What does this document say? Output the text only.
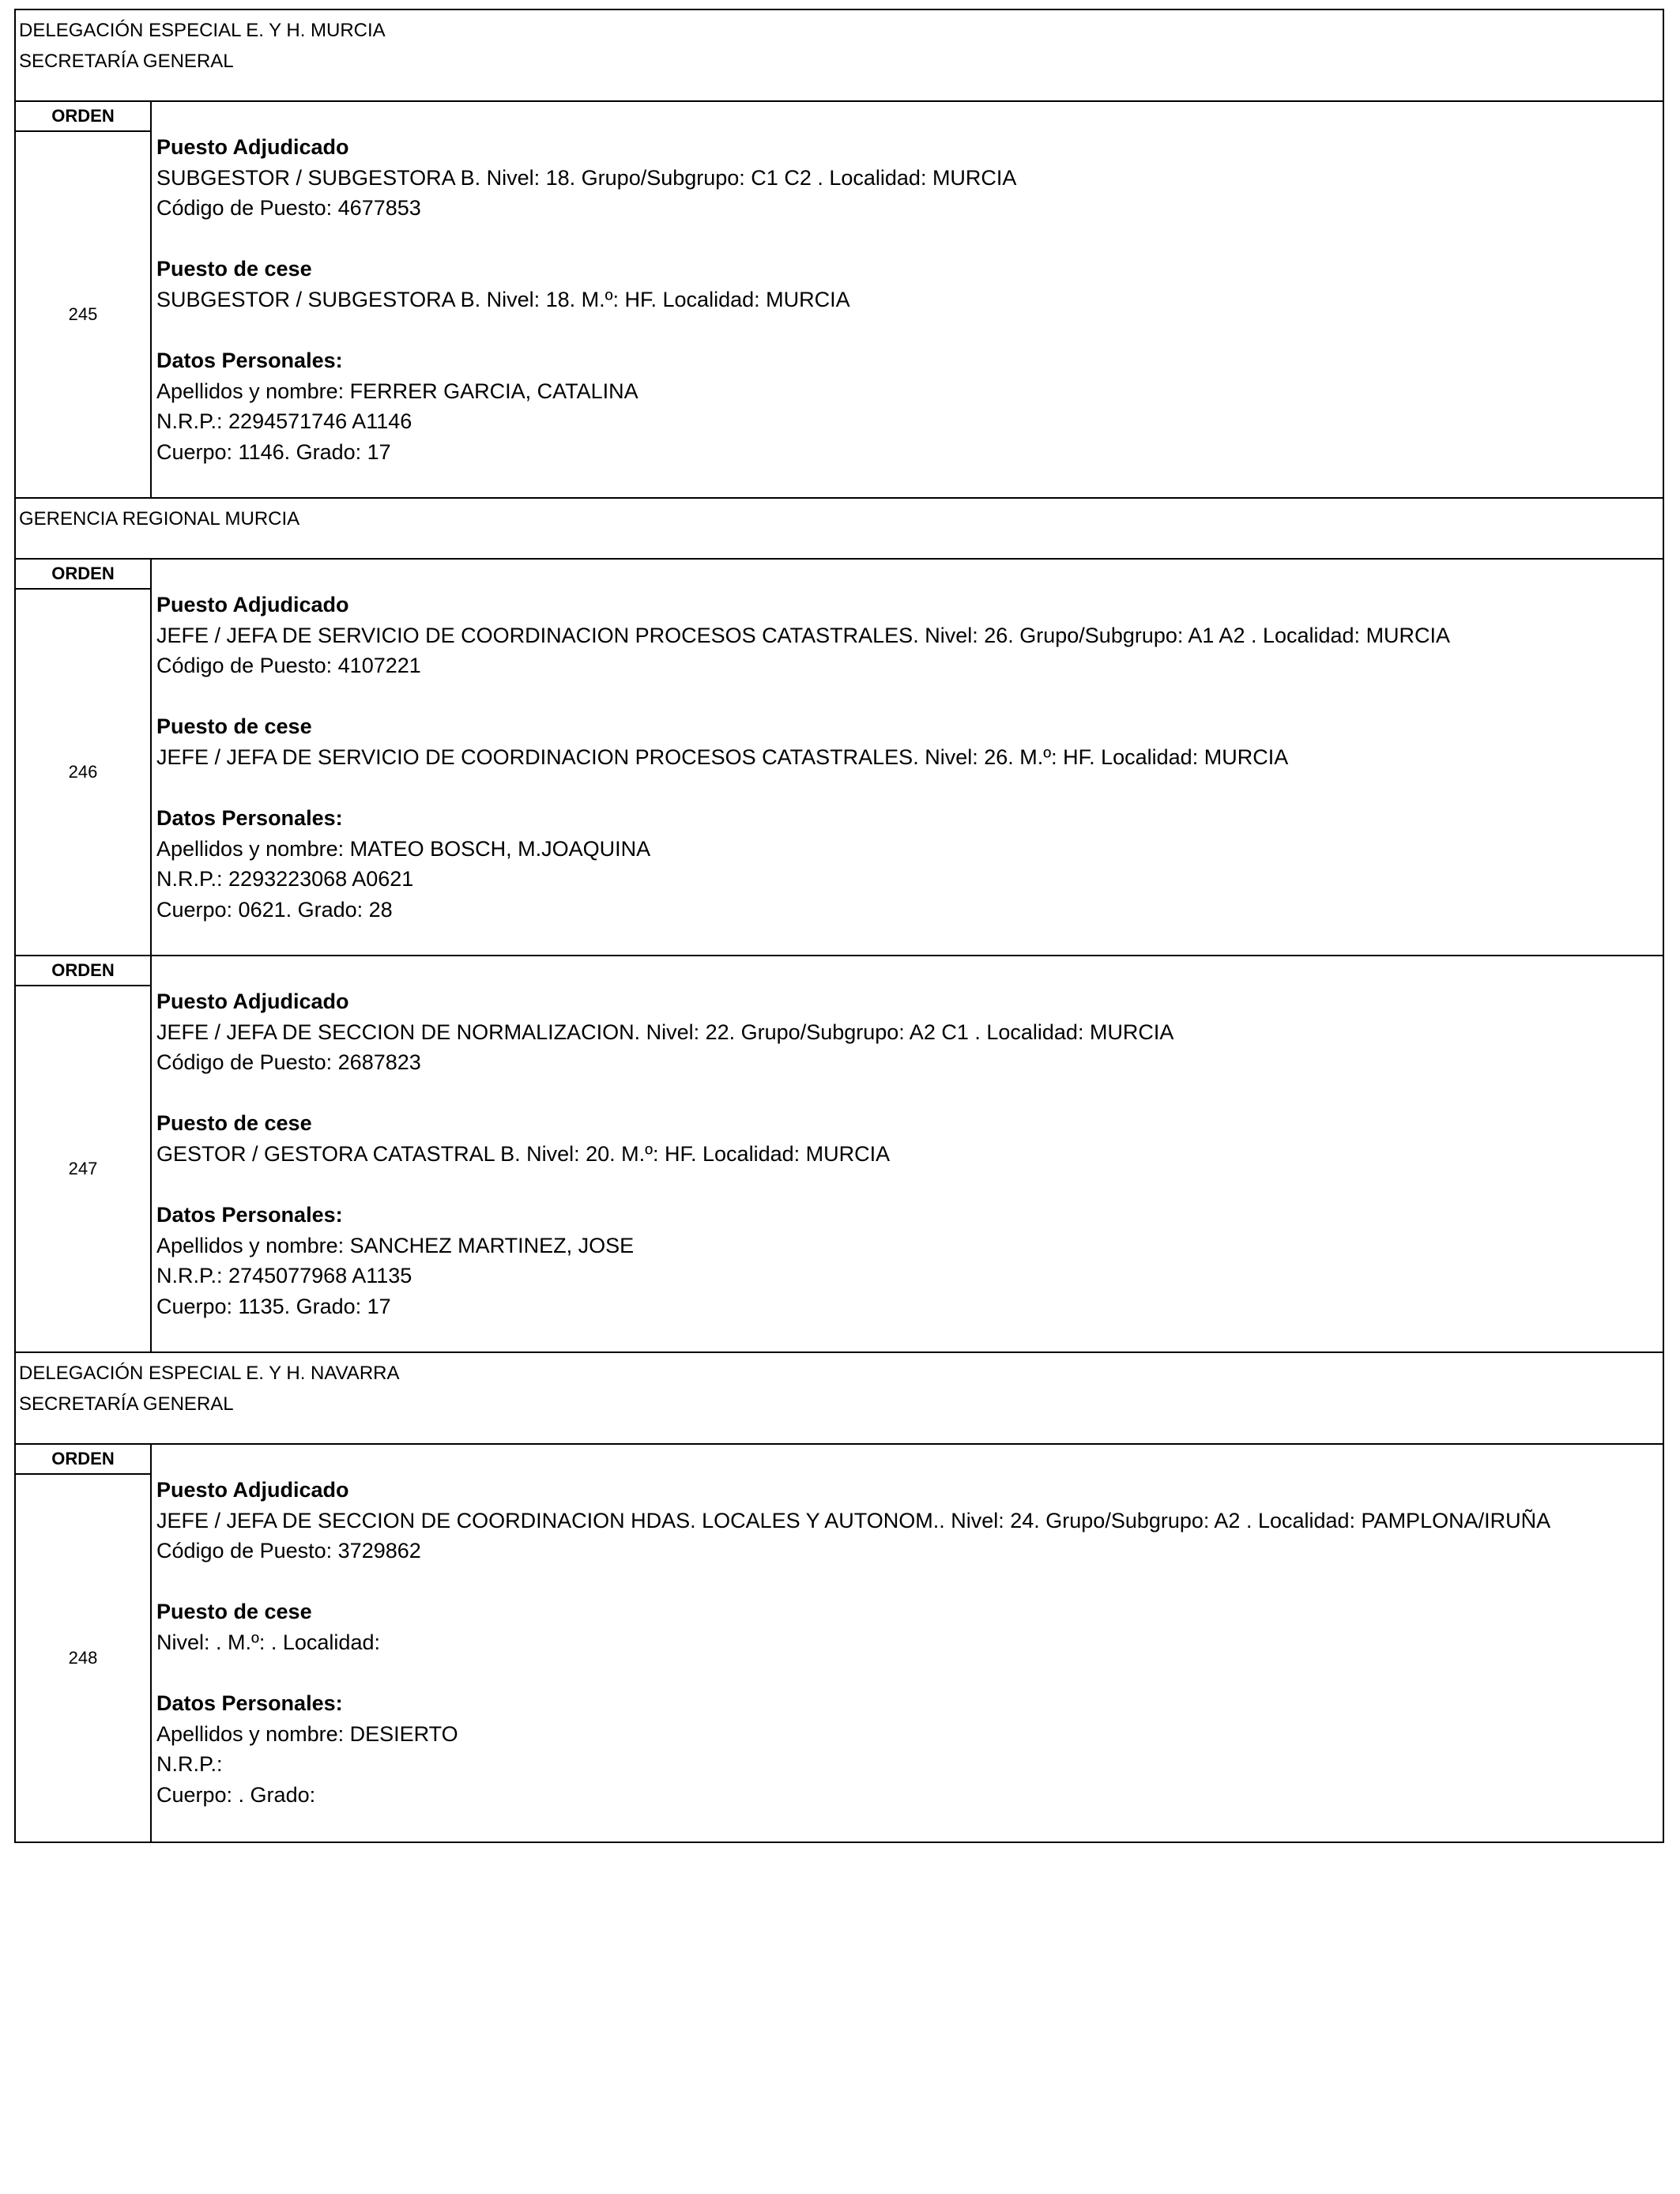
DELEGACIÓN ESPECIAL E. Y H. MURCIA
SECRETARÍA GENERAL
ORDEN
245
Puesto Adjudicado
SUBGESTOR / SUBGESTORA B. Nivel: 18. Grupo/Subgrupo: C1 C2 . Localidad: MURCIA
Código de Puesto: 4677853
Puesto de cese
SUBGESTOR / SUBGESTORA B. Nivel: 18. M.º: HF. Localidad: MURCIA
Datos Personales:
Apellidos y nombre: FERRER GARCIA, CATALINA
N.R.P.: 2294571746 A1146
Cuerpo: 1146. Grado: 17
GERENCIA REGIONAL MURCIA
ORDEN
246
Puesto Adjudicado
JEFE / JEFA DE SERVICIO DE COORDINACION PROCESOS CATASTRALES. Nivel: 26. Grupo/Subgrupo: A1 A2 . Localidad: MURCIA
Código de Puesto: 4107221
Puesto de cese
JEFE / JEFA DE SERVICIO DE COORDINACION PROCESOS CATASTRALES. Nivel: 26. M.º: HF. Localidad: MURCIA
Datos Personales:
Apellidos y nombre: MATEO BOSCH, M.JOAQUINA
N.R.P.: 2293223068 A0621
Cuerpo: 0621. Grado: 28
ORDEN
247
Puesto Adjudicado
JEFE / JEFA DE SECCION DE NORMALIZACION. Nivel: 22. Grupo/Subgrupo: A2 C1 . Localidad: MURCIA
Código de Puesto: 2687823
Puesto de cese
GESTOR / GESTORA CATASTRAL B. Nivel: 20. M.º: HF. Localidad: MURCIA
Datos Personales:
Apellidos y nombre: SANCHEZ MARTINEZ, JOSE
N.R.P.: 2745077968 A1135
Cuerpo: 1135. Grado: 17
DELEGACIÓN ESPECIAL E. Y H. NAVARRA
SECRETARÍA GENERAL
ORDEN
248
Puesto Adjudicado
JEFE / JEFA DE SECCION DE COORDINACION HDAS. LOCALES Y AUTONOM.. Nivel: 24. Grupo/Subgrupo: A2 . Localidad: PAMPLONA/IRUÑA
Código de Puesto: 3729862
Puesto de cese
Nivel: . M.º: . Localidad:
Datos Personales:
Apellidos y nombre: DESIERTO
N.R.P.:
Cuerpo: . Grado:
